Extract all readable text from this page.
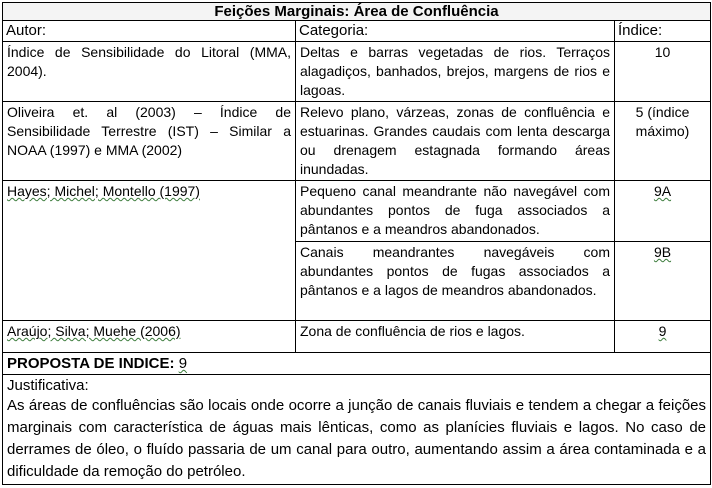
Feições Marginais: Área de Confluência		
Autor:	Categoria:	Índice:
Índice de Sensibilidade do Litoral (MMA, 2004).	Deltas e barras vegetadas de rios. Terraços alagadiços, banhados, brejos, margens de rios e lagoas.	10
Oliveira et. al (2003) – Índice de Sensibilidade Terrestre (IST) – Similar a NOAA (1997) e MMA (2002)	Relevo plano, várzeas, zonas de confluência e estuarinas. Grandes caudais com lenta descarga ou drenagem estagnada formando áreas inundadas.	5 (índice máximo)
Hayes; Michel; Montello (1997)	Pequeno canal meandrante não navegável com abundantes pontos de fuga associados a pântanos e a meandros abandonados.	9A
	Canais meandrantes navegáveis com abundantes pontos de fugas associados a pântanos e a lagos de meandros abandonados.	9B
Araújo; Silva; Muehe (2006)	Zona de confluência de rios e lagos.	9
PROPOSTA DE INDICE: 9		

Justificativa:
As áreas de confluências são locais onde ocorre a junção de canais fluviais e tendem a chegar a feições marginais com característica de águas mais lênticas, como as planícies fluviais e lagos. No caso de derrames de óleo, o fluído passaria de um canal para outro, aumentando assim a área contaminada e a dificuldade da remoção do petróleo.		
